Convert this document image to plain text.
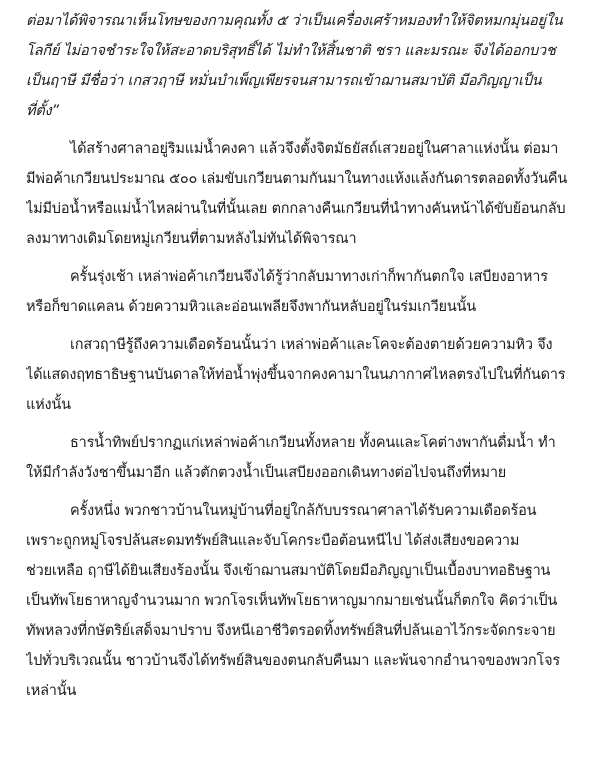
ต่อมาได้พิจารณาเห็นโทษของกามคุณทั้ง ๕ ว่าเป็นเครื่องเศร้าหมองทำให้จิตหมกมุ่นอยู่ใน
โลกีย์ ไม่อาจชำระใจให้สะอาดบริสุทธิ์ได้ ไม่ทำให้สิ้นชาติ ชรา และมรณะ จึงได้ออกบวช
เป็นฤาษี มีชื่อว่า เกสวฤาษี หมั่นบำเพ็ญเพียรจนสามารถเข้าฌานสมาบัติ มีอภิญญาเป็น
ที่ตั้ง”
ได้สร้างศาลาอยู่ริมแม่น้ำคงคา แล้วจึงตั้งจิตมัธยัสถ์เสวยอยู่ในศาลาแห่งนั้น ต่อมา
มีพ่อค้าเกวียนประมาณ ๕๐๐ เล่มขับเกวียนตามกันมาในทางแห้งแล้งกันดารตลอดทั้งวันคืน
ไม่มีบ่อน้ำหรือแม่น้ำไหลผ่านในที่นั้นเลย ตกกลางคืนเกวียนที่นำทางคันหน้าได้ขับย้อนกลับ
ลงมาทางเดิมโดยหมู่เกวียนที่ตามหลังไม่ทันได้พิจารณา
ครั้นรุ่งเช้า เหล่าพ่อค้าเกวียนจึงได้รู้ว่ากลับมาทางเก่าก็พากันตกใจ เสบียงอาหาร
หรือก็ขาดแคลน ด้วยความหิวและอ่อนเพลียจึงพากันหลับอยู่ในร่มเกวียนนั้น
เกสวฤาษีรู้ถึงความเดือดร้อนนั้นว่า เหล่าพ่อค้าและโคจะต้องตายด้วยความหิว จึง
ได้แสดงฤทธาธิษฐานบันดาลให้ท่อน้ำพุ่งขึ้นจากคงคามาในนภากาศไหลตรงไปในที่กันดาร
แห่งนั้น
ธารน้ำทิพย์ปรากฏแก่เหล่าพ่อค้าเกวียนทั้งหลาย ทั้งคนและโคต่างพากันดื่มน้ำ ทำ
ให้มีกำลังวังชาขึ้นมาอีก แล้วตักตวงน้ำเป็นเสบียงออกเดินทางต่อไปจนถึงที่หมาย
ครั้งหนึ่ง พวกชาวบ้านในหมู่บ้านที่อยู่ใกล้กับบรรณาศาลาได้รับความเดือดร้อน
เพราะถูกหมู่โจรปล้นสะดมทรัพย์สินและจับโคกระบือต้อนหนีไป ได้ส่งเสียงขอความ
ช่วยเหลือ ฤาษีได้ยินเสียงร้องนั้น จึงเข้าฌานสมาบัติโดยมีอภิญญาเป็นเบื้องบาทอธิษฐาน
เป็นทัพโยธาหาญจำนวนมาก พวกโจรเห็นทัพโยธาหาญมากมายเช่นนั้นก็ตกใจ คิดว่าเป็น
ทัพหลวงที่กษัตริย์เสด็จมาปราบ จึงหนีเอาชีวิตรอดทิ้งทรัพย์สินที่ปล้นเอาไว้กระจัดกระจาย
ไปทั่วบริเวณนั้น ชาวบ้านจึงได้ทรัพย์สินของตนกลับคืนมา และพ้นจากอำนาจของพวกโจร
เหล่านั้น
